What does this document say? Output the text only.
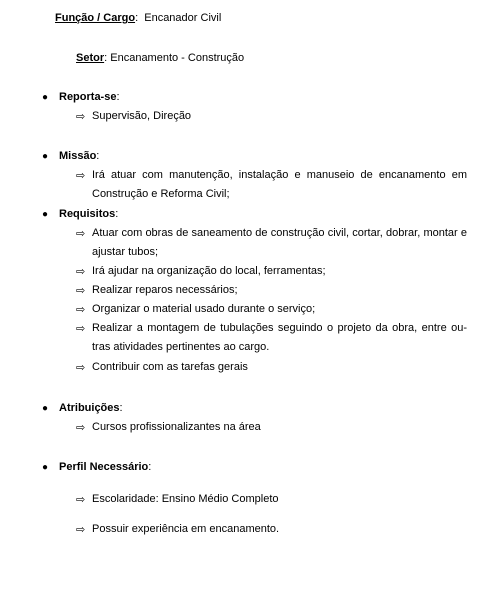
Função / Cargo:  Encanador Civil
Setor: Encanamento - Construção
● Reporta-se:
⇨ Supervisão, Direção
● Missão:
⇨ Irá atuar com manutenção, instalação e manuseio de encanamento em Construção e Reforma Civil;
● Requisitos:
⇨ Atuar com obras de saneamento de construção civil, cortar, dobrar, montar e ajustar tubos;
⇨ Irá ajudar na organização do local, ferramentas;
⇨ Realizar reparos necessários;
⇨ Organizar o material usado durante o serviço;
⇨ Realizar a montagem de tubulações seguindo o projeto da obra, entre ou-tras atividades pertinentes ao cargo.
⇨ Contribuir com as tarefas gerais
● Atribuições:
⇨ Cursos profissionalizantes na área
● Perfil Necessário:
⇨ Escolaridade: Ensino Médio Completo
⇨ Possuir experiência em encanamento.
